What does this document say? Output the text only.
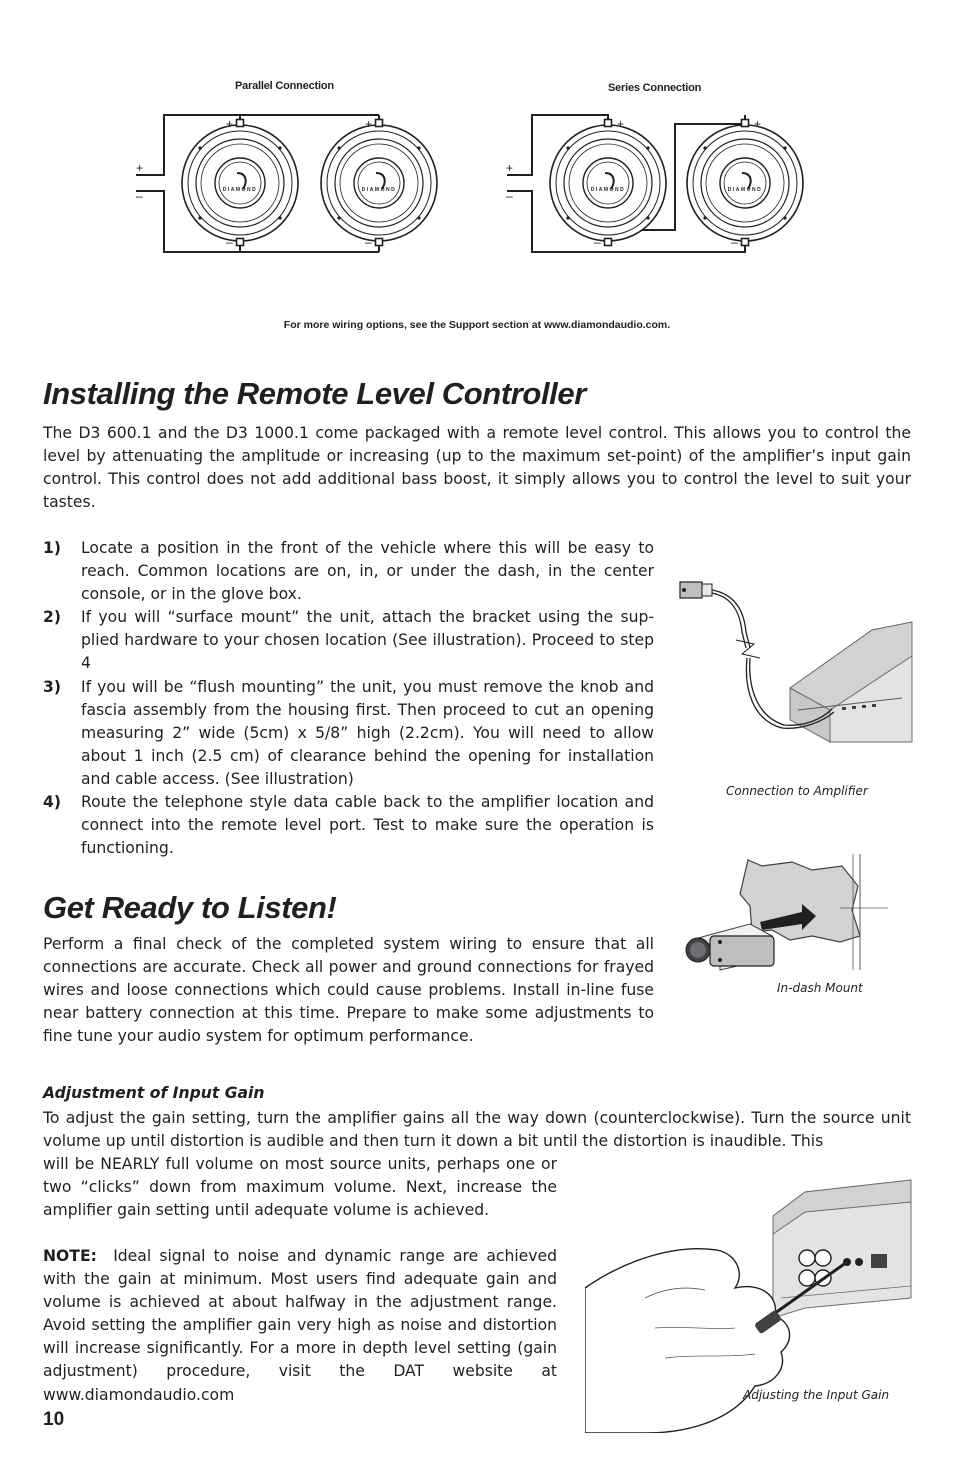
Parallel Connection	Series Connection
+
–
+	+
–	–
+
–
+	+
–	–
DIAMOND	DIAMOND	DIAMOND	DIAMOND
For more wiring options, see the Support section at www.diamondaudio.com.
Installing the Remote Level Controller
The D3 600.1 and the D3 1000.1 come packaged with a remote level control. This allows you to control the level by attenuating the amplitude or increasing (up to the maximum set-point) of the amplifier’s input gain control. This control does not add additional bass boost, it simply allows you to control the level to suit your tastes.
1) Locate a position in the front of the vehicle where this will be easy to reach. Common locations are on, in, or under the dash, in the center console, or in the glove box.
2) If you will “surface mount” the unit, attach the bracket using the sup-plied hardware to your chosen location (See illustration). Proceed to step 4
3) If you will be “flush mounting” the unit, you must remove the knob and fascia assembly from the housing first. Then proceed to cut an opening measuring 2” wide (5cm) x 5/8” high (2.2cm). You will need to allow about 1 inch (2.5 cm) of clearance behind the opening for installation and cable access. (See illustration)
4) Route the telephone style data cable back to the amplifier location and connect into the remote level port. Test to make sure the operation is functioning.
Connection to Amplifier
Get Ready to Listen!
Perform a final check of the completed system wiring to ensure that all connections are accurate. Check all power and ground connections for frayed wires and loose connections which could cause problems. Install in-line fuse near battery connection at this time. Prepare to make some adjustments to fine tune your audio system for optimum performance.
In-dash Mount
Adjustment of Input Gain
To adjust the gain setting, turn the amplifier gains all the way down (counterclockwise). Turn the source unit volume up until distortion is audible and then turn it down a bit until the distortion is inaudible. This
will be NEARLY full volume on most source units, perhaps one or two “clicks” down from maximum volume. Next, increase the amplifier gain setting until adequate volume is achieved.
NOTE: Ideal signal to noise and dynamic range are achieved with the gain at minimum. Most users find adequate gain and volume is achieved at about halfway in the adjustment range. Avoid setting the amplifier gain very high as noise and distortion will increase significantly. For a more in depth level setting (gain adjustment) procedure, visit the DAT website at www.diamondaudio.com	Adjusting the Input Gain
10
